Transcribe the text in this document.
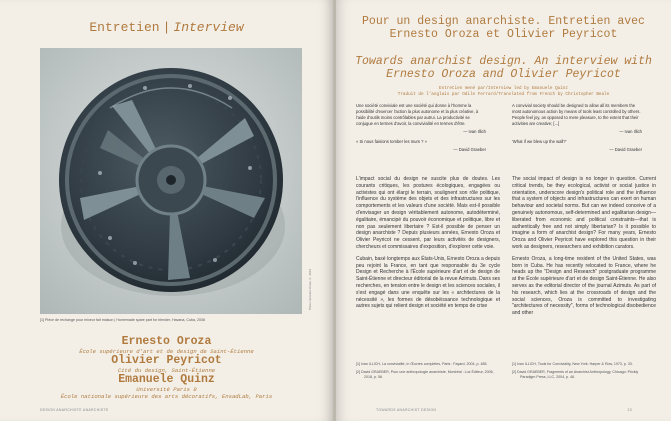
Entretien | Interview
[1] Pièce de rechange pour mixeur fait maison | Homemade spare part for blender, Havana, Cuba, 2008
Photo: Ernesto Oroza © 2016
Ernesto Oroza
École supérieure d'art et de design de Saint-Étienne
Olivier Peyricot
Cité du design, Saint-Étienne
Emanuele Quinz
Université Paris 8
École nationale supérieure des arts décoratifs, EnsadLab, Paris
DESIGN ANARCHISTE ANARCHISTE
Pour un design anarchiste. Entretien avec Ernesto Oroza et Olivier Peyricot
Towards anarchist design. An interview with Ernesto Oroza and Olivier Peyricot
Entretien mené par/Interview led by Emanuele Quinz
Traduit de l'anglais par Odile Ferrard/Translated from French by Christopher Beale
Une société conviviale est une société qui donne à l'homme la possibilité d'exercer l'action la plus autonome et la plus créative, à l'aide d'outils moins contrôlables par autrui. La productivité se conjugue en termes d'avoir, la convivialité en termes d'être.
— Ivan Illich
« Si nous faisions tomber les murs ? »
— David Graeber
A convivial society should be designed to allow all its members the most autonomous action by means of tools least controlled by others. People feel joy, as opposed to mere pleasure, to the extent that their activities are creative; [...]
— Ivan Illich
'What if we blew up the wall?'
— David Graeber

L'impact social du design ne suscite plus de doutes. Les courants critiques, les postures écologiques, engagées ou activistes qui ont élargi le terrain, soulignent son rôle politique, l'influence du système des objets et des infrastructures sur les comportements et les valeurs d'une société. Mais est-il possible d'envisager un design véritablement autonome, autodéterminé, égalitaire, émancipé du pouvoir économique et politique, libre et non pas seulement libertaire ? Est-il possible de penser un design anarchiste ? Depuis plusieurs années, Ernesto Oroza et Olivier Peyricot ne cessent, par leurs activités de designers, chercheurs et commissaires d'exposition, d'explorer cette voie.

Cubain, basé longtemps aux États-Unis, Ernesto Oroza a depuis peu rejoint la France, en tant que responsable du 3e cycle Design et Recherche à l'École supérieure d'art et de design de Saint-Étienne et directeur éditorial de la revue Azimuts. Dans ses recherches, en tension entre le design et les sciences sociales, il s'est engagé dans une enquête sur les « architectures de la nécessité », les formes de désobéissance technologique et autres sujets qui relient design et société en temps de crise

The social impact of design is no longer in question. Current critical trends, be they ecological, activist or social justice in orientation, underscore design's political role and the influence that a system of objects and infrastructures can exert on human behaviour and societal norms. But can we indeed conceive of a genuinely autonomous, self-determined and egalitarian design—liberated from economic and political constraints—that is authentically free and not simply libertarian? Is it possible to imagine a form of anarchist design? For many years, Ernesto Oroza and Olivier Peyricot have explored this question in their work as designers, researchers and exhibition curators.

Ernesto Oroza, a long-time resident of the United States, was born in Cuba. He has recently relocated to France, where he heads up the "Design and Research" postgraduate programme at the École supérieure d'art et de design Saint-Étienne. He also serves as the editorial director of the journal Azimuts. As part of his research, which lies at the crossroads of design and the social sciences, Oroza is committed to investigating "architectures of necessity", forms of technological disobedience and other

[1] Ivan ILLICH, La convivialité, in Œuvres complètes, Paris : Fayard, 2004, p. 485.
[2] David GRAEBER, Pour une anthropologie anarchiste, Montréal : Lux Éditeur, 2006, 2018, p. 56.
[1] Ivan ILLICH, Tools for Conviviality, New York: Harper & Row, 1973, p. 33.
[2] David GRAEBER, Fragments of an Anarchist Anthropology, Chicago: Prickly Paradigm Press, LLC, 2004, p. 46.
TOWARDS ANARCHIST DESIGN	23
